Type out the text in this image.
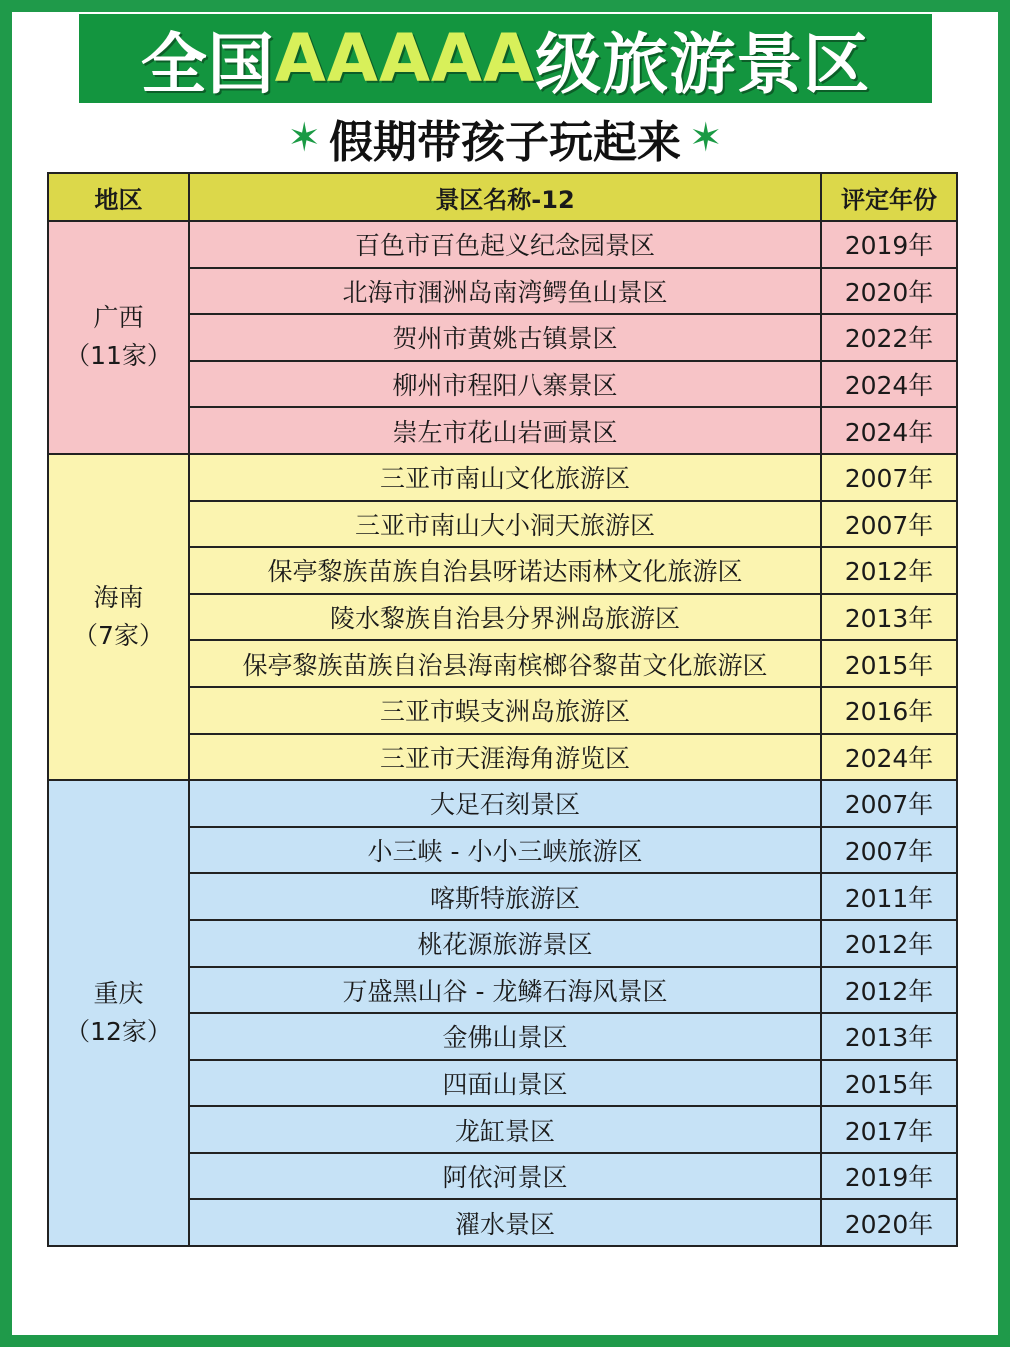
全国 AAAAA 级旅游景区
✶ 假期带孩子玩起来 ✶
地区	景区名称-12	评定年份

广西
（11家）	百色市百色起义纪念园景区	2019年
	北海市涠洲岛南湾鳄鱼山景区	2020年
	贺州市黄姚古镇景区	2022年
	柳州市程阳八寨景区	2024年
	崇左市花山岩画景区	2024年

海南
（7家）	三亚市南山文化旅游区	2007年
	三亚市南山大小洞天旅游区	2007年
	保亭黎族苗族自治县呀诺达雨林文化旅游区	2012年
	陵水黎族自治县分界洲岛旅游区	2013年
	保亭黎族苗族自治县海南槟榔谷黎苗文化旅游区	2015年
	三亚市蜈支洲岛旅游区	2016年
	三亚市天涯海角游览区	2024年

重庆
（12家）	大足石刻景区	2007年
	小三峡 - 小小三峡旅游区	2007年
	喀斯特旅游区	2011年
	桃花源旅游景区	2012年
	万盛黑山谷 - 龙鳞石海风景区	2012年
	金佛山景区	2013年
	四面山景区	2015年
	龙缸景区	2017年
	阿依河景区	2019年
	濯水景区	2020年
